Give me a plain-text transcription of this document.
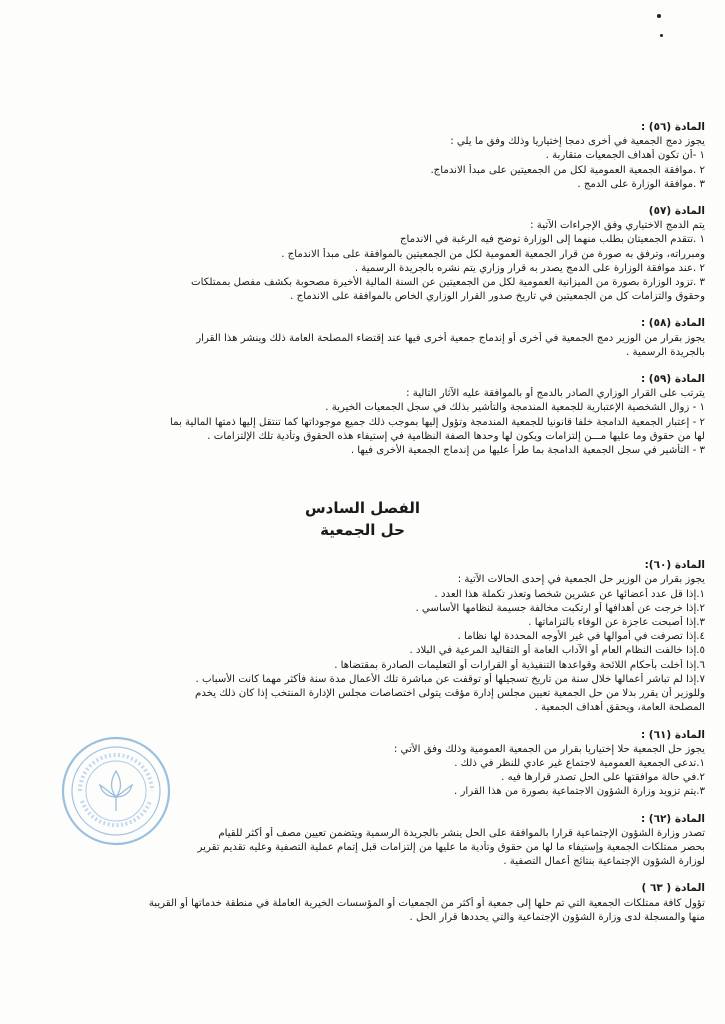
المادة (٥٦) :
يجوز دمج الجمعية في أخرى دمجا إختياريا وذلك وفق ما يلي :
١ -أن تكون أهداف الجمعيات متقاربة .
٢ .موافقة الجمعية العمومية لكل من الجمعيتين على مبدأ الاندماج.
٣ .موافقة الوزارة على الدمج .
المادة (٥٧)
يتم الدمج الاختياري وفق الإجراءات الآتية :
١ .تتقدم الجمعيتان بطلب منهما إلى الوزارة توضح فيه الرغبة في الاندماج
ومبرراته، وترفق به صورة من قرار الجمعية العمومية لكل من الجمعيتين بالموافقة على مبدأ الاندماج .
٢ .عند موافقة الوزارة على الدمج يصدر به قرار وزاري يتم نشره بالجريدة الرسمية .
٣ .تزود الوزارة بصورة من الميزانية العمومية لكل من الجمعيتين عن السنة المالية الأخيرة مصحوبة بكشف مفصل بممتلكات
وحقوق والتزامات كل من الجمعيتين في تاريخ صدور القرار الوزاري الخاص بالموافقة على الاندماج .
المادة (٥٨) :
يجوز بقرار من الوزير دمج الجمعية في أخرى أو إندماج جمعية أخرى فيها عند إقتضاء المصلحة العامة ذلك وينشر هذا القرار
بالجريدة الرسمية .
المادة (٥٩) :
يترتب على القرار الوزاري الصادر بالدمج أو بالموافقة عليه الآثار التالية :
١ - زوال الشخصية الإعتبارية للجمعية المندمجة والتأشير بذلك في سجل الجمعيات الخيرية .
٢ - إعتبار الجمعية الدامجة خلفا قانونيا للجمعية المندمجة وتؤول إليها بموجب ذلك جميع موجوداتها كما تنتقل إليها ذمتها المالية بما
لها من حقوق وما عليها مـــن إلتزامات ويكون لها وحدها الصفة النظامية في إستيفاء هذه الحقوق وتأدية تلك الإلتزامات .
٣ - التأشير في سجل الجمعية الدامجة بما طرأ عليها من إندماج الجمعية الأخرى فيها .
الفصل السادس
حل الجمعية
المادة (٦٠):
يجوز بقرار من الوزير حل الجمعية في إحدى الحالات الآتية :
١.إذا قل عدد أعضائها عن عشرين شخصا وتعذر تكملة هذا العدد .
٢.إذا خرجت عن أهدافها أو ارتكبت مخالفة جسيمة لنظامها الأساسي .
٣.إذا أصبحت عاجزة عن الوفاء بالتزاماتها .
٤.إذا تصرفت في أموالها في غير الأوجه المحددة لها نظاما .
٥.إذا خالفت النظام العام أو الآداب العامة أو التقاليد المرعية في البلاد .
٦.إذا أخلت بأحكام اللائحة وقواعدها التنفيذية أو القرارات أو التعليمات الصادرة بمقتضاها .
٧.إذا لم تباشر أعمالها خلال سنة من تاريخ تسجيلها أو توقفت عن مباشرة تلك الأعمال مدة سنة فأكثر مهما كانت الأسباب .
وللوزير أن يقرر بدلا من حل الجمعية تعيين مجلس إدارة مؤقت يتولى اختصاصات مجلس الإدارة المنتخب إذا كان ذلك يخدم
المصلحة العامة، ويحقق أهداف الجمعية .
المادة (٦١) :
يجوز حل الجمعية حلا إختياريا بقرار من الجمعية العمومية وذلك وفق الأتي :
١.تدعى الجمعية العمومية لاجتماع غير عادي للنظر في ذلك .
٢.في حالة موافقتها على الحل تصدر قرارها فيه .
٣.يتم تزويد وزارة الشؤون الاجتماعية بصورة من هذا القرار .
المادة (٦٢) :
تصدر وزارة الشؤون الإجتماعية قرارا بالموافقة على الحل ينشر بالجريدة الرسمية ويتضمن تعيين مصف أو أكثر للقيام
بحصر ممتلكات الجمعية وإستيفاء ما لها من حقوق وتأدية ما عليها من إلتزامات قبل إتمام عملية التصفية وعليه تقديم تقرير
لوزارة الشؤون الإجتماعية بنتائج أعمال التصفية .
المادة ( ٦٣ )
تؤول كافة ممتلكات الجمعية التي تم حلها إلى جمعية أو أكثر من الجمعيات أو المؤسسات الخيرية العاملة في منطقة خدماتها أو القريبة
منها والمسجلة لدى وزارة الشؤون الإجتماعية والتي يحددها قرار الحل .
